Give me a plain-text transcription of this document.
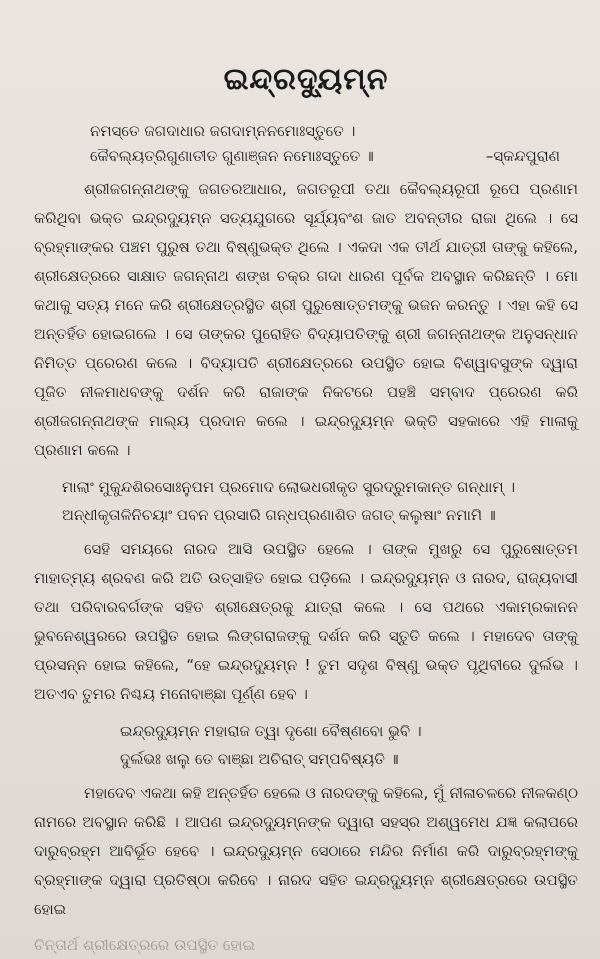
ଇନ୍ଦ୍ରଦ୍ୟୁମ୍ନ
ନମସ୍ତେ ଜଗଦାଧାର ଜଗଦାମ୍ନନମୋଃସ୍ତୁତେ ।
କୈବଲ୍ୟତ୍ରିଗୁଣାତୀତ ଗୁଣାଞ୍ଜନ ନମୋଃସ୍ତୁତେ ॥	–ସ୍କନ୍ଦପୁରାଣ

ଶ୍ରୀଜଗନ୍ନାଥଙ୍କୁ ଜଗତରଆଧାର, ଜଗତରୂପୀ ତଥା କୈବଲ୍ୟରୂପୀ ରୂପେ ପ୍ରଣାମ କରିଥିବା ଭକ୍ତ ଇନ୍ଦ୍ରଦ୍ୟୁମ୍ନ ସତ୍ୟଯୁଗରେ ସୂର୍ଯ୍ୟବଂଶ ଜାତ ଅବନ୍ତୀର ରାଜା ଥିଲେ । ସେ ବ୍ରହ୍ମାଙ୍କର ପଞ୍ଚମ ପୁରୁଷ ତଥା ବିଷ୍ଣୁଭକ୍ତ ଥିଲେ । ଏକଦା ଏକ ତୀର୍ଥ ଯାତ୍ରୀ ତାଙ୍କୁ କହିଲେ, ଶ୍ରୀକ୍ଷେତ୍ରରେ ସାକ୍ଷାତ ଜଗନ୍ନାଥ ଶଙ୍ଖ ଚକ୍ର ଗଦା ଧାରଣ ପୂର୍ବକ ଅବସ୍ଥାନ କରିଛନ୍ତି । ମୋ କଥାକୁ ସତ୍ୟ ମନେ କରି ଶ୍ରୀକ୍ଷେତ୍ରସ୍ଥିତ ଶ୍ରୀ ପୁରୁଷୋତ୍ତମଙ୍କୁ ଭଜନ କରନ୍ତୁ । ଏହା କହି ସେ ଅନ୍ତର୍ହିତ ହୋଇଗଲେ । ସେ ତାଙ୍କର ପୁରୋହିତ ବିଦ୍ୟାପତିଙ୍କୁ ଶ୍ରୀ ଜଗନ୍ନାଥଙ୍କ ଅନୁସନ୍ଧାନ ନିମିତ୍ତ ପ୍ରେରଣ କଲେ । ବିଦ୍ୟାପତି ଶ୍ରୀକ୍ଷେତ୍ରରେ ଉପସ୍ଥିତ ହୋଇ ବିଶ୍ୱାବସୁଙ୍କ ଦ୍ୱାରା ପୂଜିତ ନୀଳମାଧବଙ୍କୁ ଦର୍ଶନ କରି ରାଜାଙ୍କ ନିକଟରେ ପହଞ୍ଚି ସମ୍ବାଦ ପ୍ରେରଣ କରି ଶ୍ରୀଜଗନ୍ନାଥଙ୍କ ମାଲ୍ୟ ପ୍ରଦାନ କଲେ । ଇନ୍ଦ୍ରଦ୍ୟୁମ୍ନ ଭକ୍ତି ସହକାରେ ଏହି ମାଳାକୁ ପ୍ରଣାମ କଲେ ।

ମାଲାଂ ମୁକୁନ୍ଦଶିରସୋଃନୁପମ ପ୍ରମୋଦ ଲୋଭଧରୀକୃତ ସୁରଦ୍ରୁମକାନ୍ତ ଗନ୍ଧାମ୍ ।
ଅନ୍ଧୀକୃତାଳିନିଚୟାଂ ପବନ ପ୍ରସାରି ଗନ୍ଧପ୍ରଣାଶିତ ଜଗତ୍ କଲୁଷାଂ ନମାମି ॥

ସେହି ସମୟରେ ନାରଦ ଆସି ଉପସ୍ଥିତ ହେଲେ । ତାଙ୍କ ମୁଖରୁ ସେ ପୁରୁଷୋତ୍ତମ ମାହାତ୍ମ୍ୟ ଶ୍ରବଣ କରି ଅତି ଉତ୍ସାହିତ ହୋଇ ପଡ଼ିଲେ । ଇନ୍ଦ୍ରଦ୍ୟୁମ୍ନ ଓ ନାରଦ, ରାଜ୍ୟବାସୀ ତଥା ପରିବାରବର୍ଗଙ୍କ ସହିତ ଶ୍ରୀକ୍ଷେତ୍ରକୁ ଯାତ୍ରା କଲେ । ସେ ପଥରେ ଏକାମ୍ରକାନନ ଭୁବନେଶ୍ୱରରେ ଉପସ୍ଥିତ ହୋଇ ଲିଙ୍ଗରାଜଙ୍କୁ ଦର୍ଶନ କରି ସ୍ତୁତି କଲେ । ମହାଦେବ ତାଙ୍କୁ ପ୍ରସନ୍ନ ହୋଇ କହିଲେ, “ହେ ଇନ୍ଦ୍ରଦ୍ୟୁମ୍ନ ! ତୁମ ସଦୃଶ ବିଷ୍ଣୁ ଭକ୍ତ ପୃଥିବୀରେ ଦୁର୍ଲଭ । ଅତଏବ ତୁମର ନିଶ୍ଚୟ ମନୋବାଞ୍ଛା ପୂର୍ଣ୍ଣ ହେବ ।

ଇନ୍ଦ୍ରଦ୍ୟୁମ୍ନ ମହାରାଜ ତ୍ୱା ଦୃଶୋ ବୈଷ୍ଣବୋ ଭୁବି ।
ଦୁର୍ଲଭଃ ଖଲୁ ତେ ବାଞ୍ଛା ଅଚିରାତ୍ ସମ୍ପବିଷ୍ୟତି ॥

ମହାଦେବ ଏକଥା କହି ଅନ୍ତର୍ହିତ ହେଲେ ଓ ନାରଦଙ୍କୁ କହିଲେ, ମୁଁ ନୀଳାଚଳରେ ନୀଳକଣ୍ଠ ନାମରେ ଅବସ୍ଥାନ କରିଛି । ଆପଣ ଇନ୍ଦ୍ରଦ୍ୟୁମ୍ନଙ୍କ ଦ୍ୱାରା ସହସ୍ର ଅଶ୍ୱମେଧ ଯଜ୍ଞ କଲାପରେ ଦାରୁବ୍ରହ୍ମ ଆବିର୍ଭୂତ ହେବେ । ଇନ୍ଦ୍ରଦ୍ୟୁମ୍ନ ସେଠାରେ ମନ୍ଦିର ନିର୍ମାଣ କରି ଦାରୁବ୍ରହ୍ମଙ୍କୁ ବ୍ରହ୍ମାଙ୍କ ଦ୍ୱାରା ପ୍ରତିଷ୍ଠା କରିବେ । ନାରଦ ସହିତ ଇନ୍ଦ୍ରଦ୍ୟୁମ୍ନ ଶ୍ରୀକ୍ଷେତ୍ରରେ ଉପସ୍ଥିତ ହୋଇ

ଚିନ୍ତାର୍ଥ ଶ୍ରୀକ୍ଷେତ୍ରରେ ଉପସ୍ଥିତ ହୋଇ
